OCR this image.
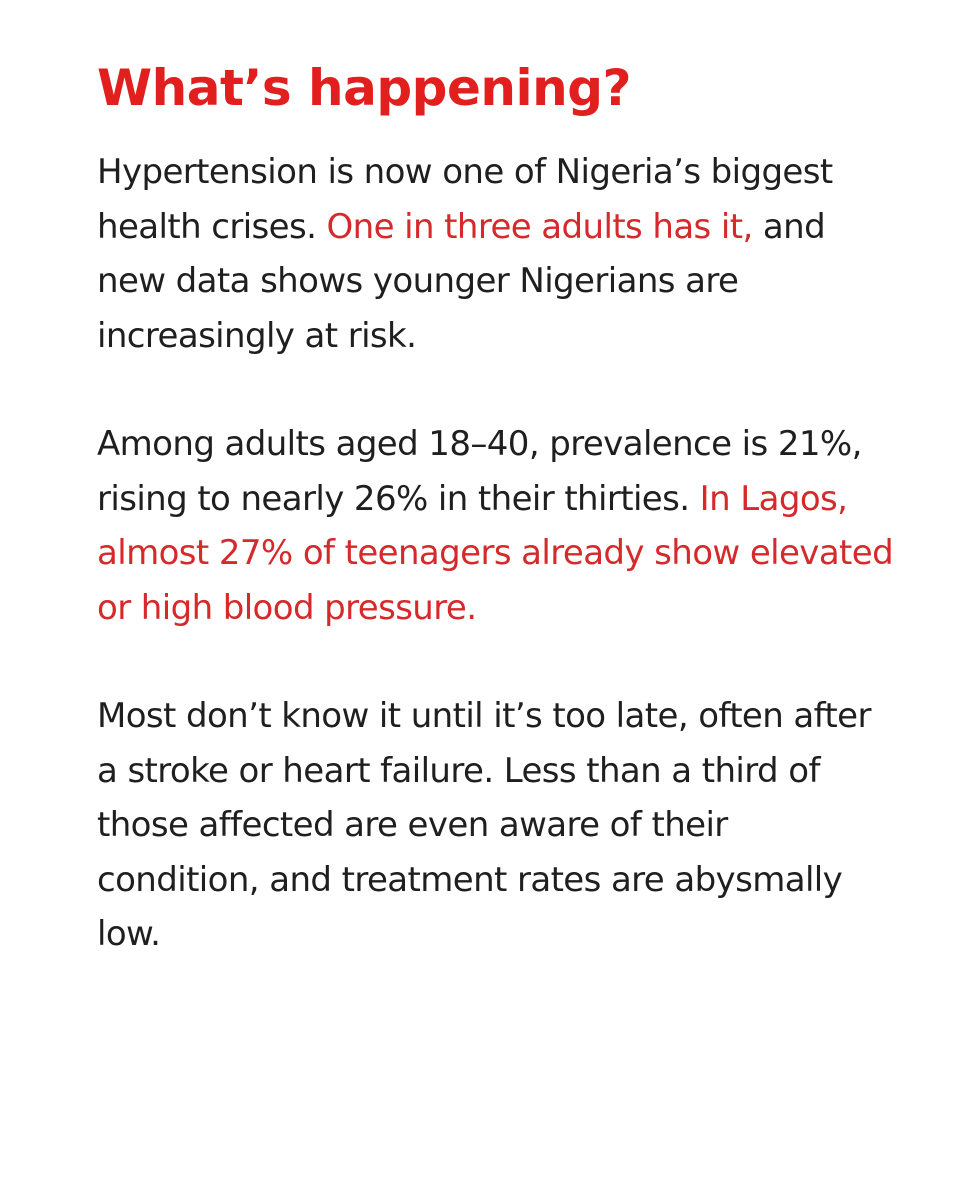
What’s happening?

Hypertension is now one of Nigeria’s biggest health crises. One in three adults has it, and new data shows younger Nigerians are increasingly at risk.

Among adults aged 18–40, prevalence is 21%, rising to nearly 26% in their thirties. In Lagos, almost 27% of teenagers already show elevated or high blood pressure.

Most don’t know it until it’s too late, often after a stroke or heart failure. Less than a third of those affected are even aware of their condition, and treatment rates are abysmally low.
